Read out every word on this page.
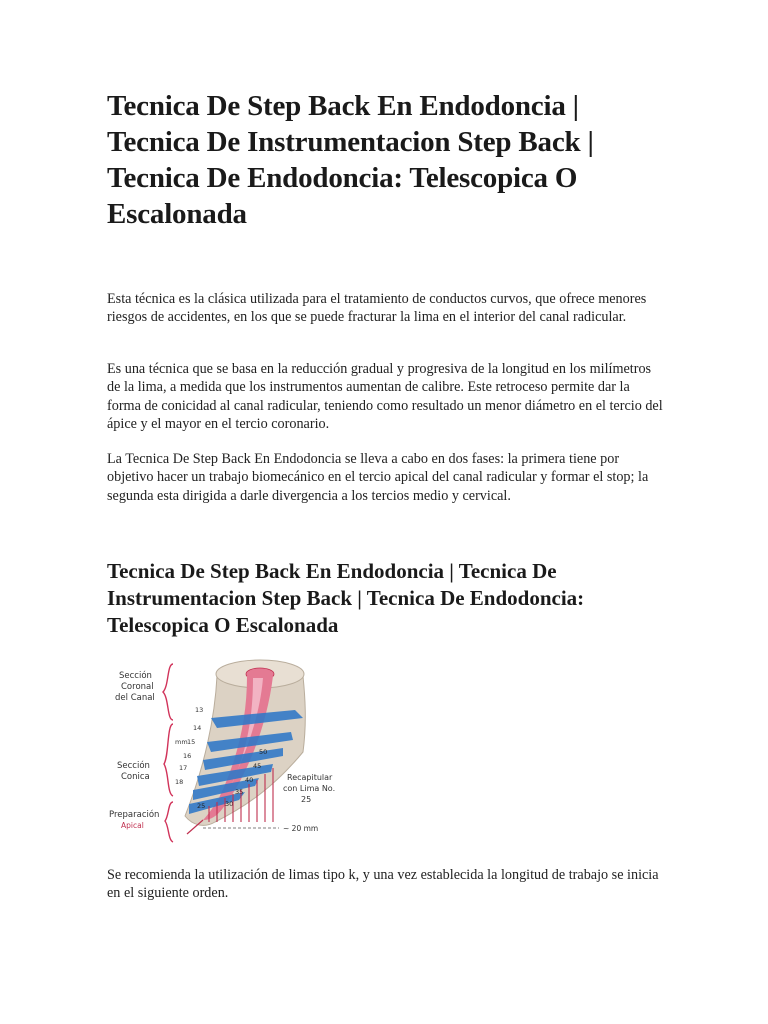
Tecnica De Step Back En Endodoncia | Tecnica De Instrumentacion Step Back | Tecnica De Endodoncia: Telescopica O Escalonada

Esta técnica es la clásica utilizada para el tratamiento de conductos curvos, que ofrece menores riesgos de accidentes, en los que se puede fracturar la lima en el interior del canal radicular.

Es una técnica que se basa en la reducción gradual y progresiva de la longitud en los milímetros de la lima, a medida que los instrumentos aumentan de calibre. Este retroceso permite dar la forma de conicidad al canal radicular, teniendo como resultado un menor diámetro en el tercio del ápice y el mayor en el tercio coronario.

La Tecnica De Step Back En Endodoncia se lleva a cabo en dos fases: la primera tiene por objetivo hacer un trabajo biomecánico en el tercio apical del canal radicular y formar el stop; la segunda esta dirigida a darle divergencia a los tercios medio y cervical.

Tecnica De Step Back En Endodoncia | Tecnica De Instrumentacion Step Back | Tecnica De Endodoncia: Telescopica O Escalonada
Sección
Coronal
del Canal
Sección
Conica
Preparación
Apical
13
14
mm 15
16
17
18
50
45
40
35
30
25
Recapitular
con Lima No.
25
~ 20 mm

Se recomienda la utilización de limas tipo k, y una vez establecida la longitud de trabajo se inicia en el siguiente orden.
